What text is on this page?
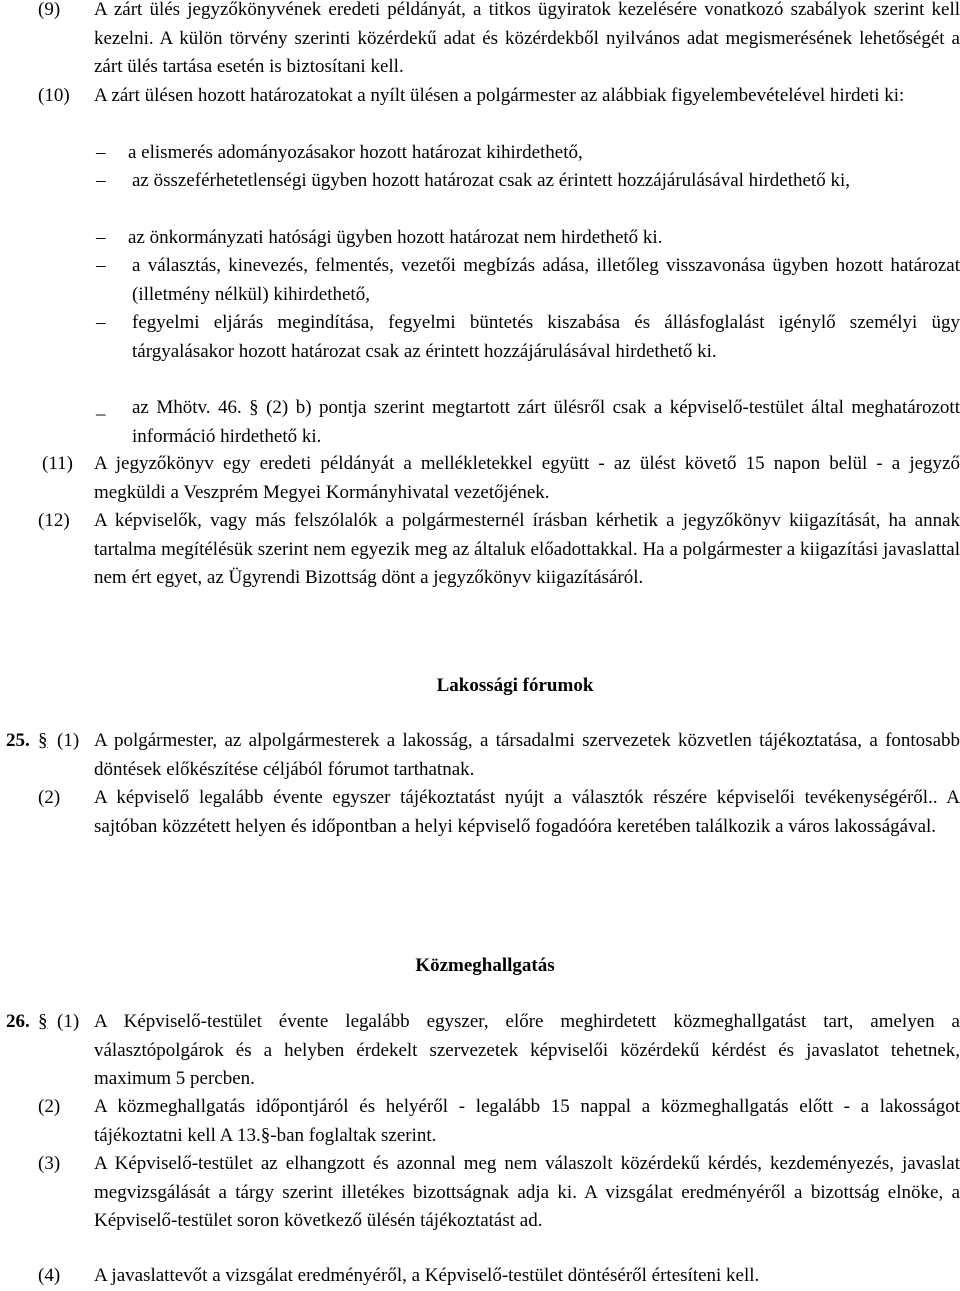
(9)	A zárt ülés jegyzőkönyvének eredeti példányát, a titkos ügyiratok kezelésére vonatkozó szabályok szerint kell kezelni. A külön törvény szerinti közérdekű adat és közérdekből nyilvános adat megismerésének lehetőségét a zárt ülés tartása esetén is biztosítani kell.
(10)	A zárt ülésen hozott határozatokat a nyílt ülésen a polgármester az alábbiak figyelembevételével hirdeti ki:
– a elismerés adományozásakor hozott határozat kihirdethető,
– az összeférhetetlenségi ügyben hozott határozat csak az érintett hozzájárulásával hirdethető ki,
– az önkormányzati hatósági ügyben hozott határozat nem hirdethető ki.
– a választás, kinevezés, felmentés, vezetői megbízás adása, illetőleg visszavonása ügyben hozott határozat (illetmény nélkül) kihirdethető,
– fegyelmi eljárás megindítása, fegyelmi büntetés kiszabása és állásfoglalást igénylő személyi ügy tárgyalásakor hozott határozat csak az érintett hozzájárulásával hirdethető ki.
_ az Mhötv. 46. § (2) b) pontja szerint megtartott zárt ülésről csak a képviselő-testület által meghatározott információ hirdethető ki.
(11)	A jegyzőkönyv egy eredeti példányát a mellékletekkel együtt - az ülést követő 15 napon belül - a jegyző megküldi a Veszprém Megyei Kormányhivatal vezetőjének.
(12)	A képviselők, vagy más felszólalók a polgármesternél írásban kérhetik a jegyzőkönyv kiigazítását, ha annak tartalma megítélésük szerint nem egyezik meg az általuk előadottakkal. Ha a polgármester a kiigazítási javaslattal nem ért egyet, az Ügyrendi Bizottság dönt a jegyzőkönyv kiigazításáról.
Lakossági fórumok
25. § (1) A polgármester, az alpolgármesterek a lakosság, a társadalmi szervezetek közvetlen tájékoztatása, a fontosabb döntések előkészítése céljából fórumot tarthatnak.
(2)	A képviselő legalább évente egyszer tájékoztatást nyújt a választók részére képviselői tevékenységéről.. A sajtóban közzétett helyen és időpontban a helyi képviselő fogadóóra keretében találkozik a város lakosságával.
Közmeghallgatás
26. § (1) A Képviselő-testület évente legalább egyszer, előre meghirdetett közmeghallgatást tart, amelyen a választópolgárok és a helyben érdekelt szervezetek képviselői közérdekű kérdést és javaslatot tehetnek, maximum 5 percben.
(2)	A közmeghallgatás időpontjáról és helyéről - legalább 15 nappal a közmeghallgatás előtt - a lakosságot tájékoztatni kell A 13.§-ban foglaltak szerint.
(3)	A Képviselő-testület az elhangzott és azonnal meg nem válaszolt közérdekű kérdés, kezdeményezés, javaslat megvizsgálását a tárgy szerint illetékes bizottságnak adja ki. A vizsgálat eredményéről a bizottság elnöke, a Képviselő-testület soron következő ülésén tájékoztatást ad.
(4)	A javaslattevőt a vizsgálat eredményéről, a Képviselő-testület döntéséről értesíteni kell.
